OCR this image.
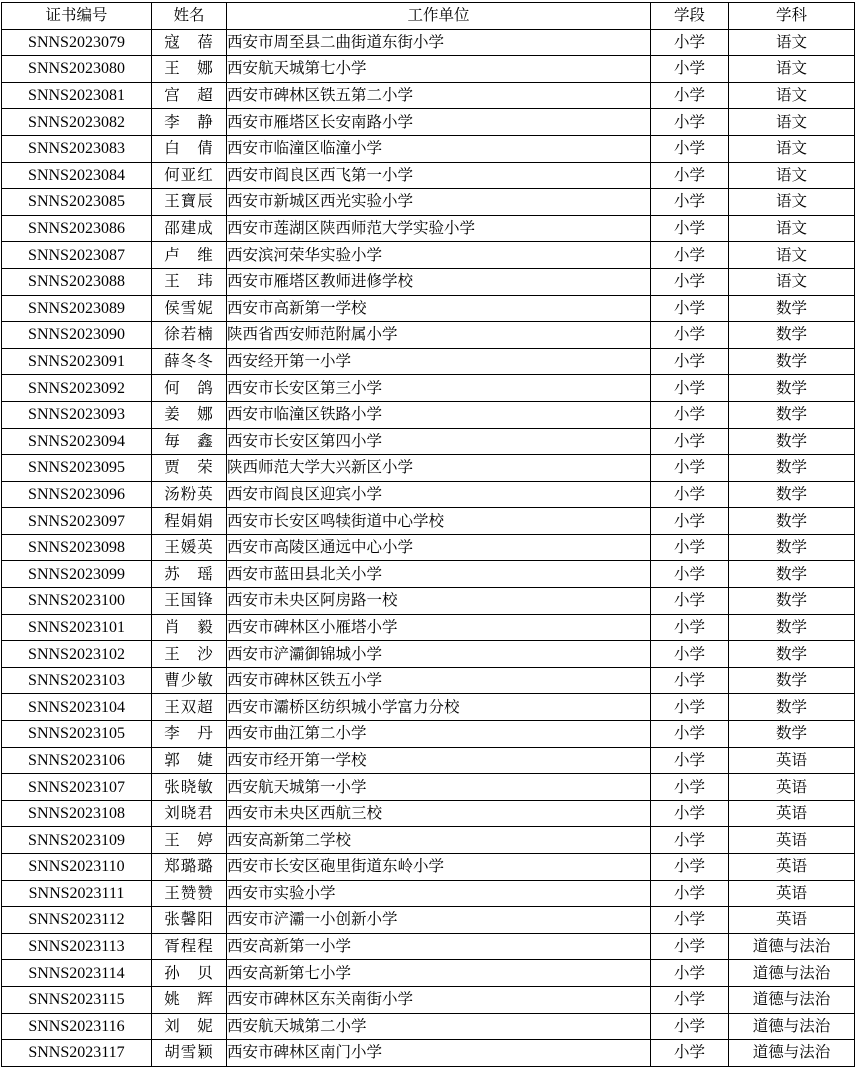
证书编号	姓名	工作单位	学段	学科
SNNS2023079	寇　蓓	西安市周至县二曲街道东街小学	小学	语文
SNNS2023080	王　娜	西安航天城第七小学	小学	语文
SNNS2023081	宫　超	西安市碑林区铁五第二小学	小学	语文
SNNS2023082	李　静	西安市雁塔区长安南路小学	小学	语文
SNNS2023083	白　倩	西安市临潼区临潼小学	小学	语文
SNNS2023084	何亚红	西安市阎良区西飞第一小学	小学	语文
SNNS2023085	王寶辰	西安市新城区西光实验小学	小学	语文
SNNS2023086	邵建成	西安市莲湖区陕西师范大学实验小学	小学	语文
SNNS2023087	卢　维	西安滨河荣华实验小学	小学	语文
SNNS2023088	王　玮	西安市雁塔区教师进修学校	小学	语文
SNNS2023089	侯雪妮	西安市高新第一学校	小学	数学
SNNS2023090	徐若楠	陕西省西安师范附属小学	小学	数学
SNNS2023091	薛冬冬	西安经开第一小学	小学	数学
SNNS2023092	何　鸽	西安市长安区第三小学	小学	数学
SNNS2023093	姜　娜	西安市临潼区铁路小学	小学	数学
SNNS2023094	毎　鑫	西安市长安区第四小学	小学	数学
SNNS2023095	贾　荣	陕西师范大学大兴新区小学	小学	数学
SNNS2023096	汤粉英	西安市阎良区迎宾小学	小学	数学
SNNS2023097	程娟娟	西安市长安区鸣犊街道中心学校	小学	数学
SNNS2023098	王媛英	西安市高陵区通远中心小学	小学	数学
SNNS2023099	苏　瑶	西安市蓝田县北关小学	小学	数学
SNNS2023100	王国锋	西安市未央区阿房路一校	小学	数学
SNNS2023101	肖　毅	西安市碑林区小雁塔小学	小学	数学
SNNS2023102	王　沙	西安市浐灞御锦城小学	小学	数学
SNNS2023103	曹少敏	西安市碑林区铁五小学	小学	数学
SNNS2023104	王双超	西安市灞桥区纺织城小学富力分校	小学	数学
SNNS2023105	李　丹	西安市曲江第二小学	小学	数学
SNNS2023106	郭　婕	西安市经开第一学校	小学	英语
SNNS2023107	张晓敏	西安航天城第一小学	小学	英语
SNNS2023108	刘晓君	西安市未央区西航三校	小学	英语
SNNS2023109	王　婷	西安高新第二学校	小学	英语
SNNS2023110	郑璐璐	西安市长安区砲里街道东岭小学	小学	英语
SNNS2023111	王赞赞	西安市实验小学	小学	英语
SNNS2023112	张馨阳	西安市浐灞一小创新小学	小学	英语
SNNS2023113	胥程程	西安高新第一小学	小学	道德与法治
SNNS2023114	孙　贝	西安高新第七小学	小学	道德与法治
SNNS2023115	姚　辉	西安市碑林区东关南街小学	小学	道德与法治
SNNS2023116	刘　妮	西安航天城第二小学	小学	道德与法治
SNNS2023117	胡雪颖	西安市碑林区南门小学	小学	道德与法治
